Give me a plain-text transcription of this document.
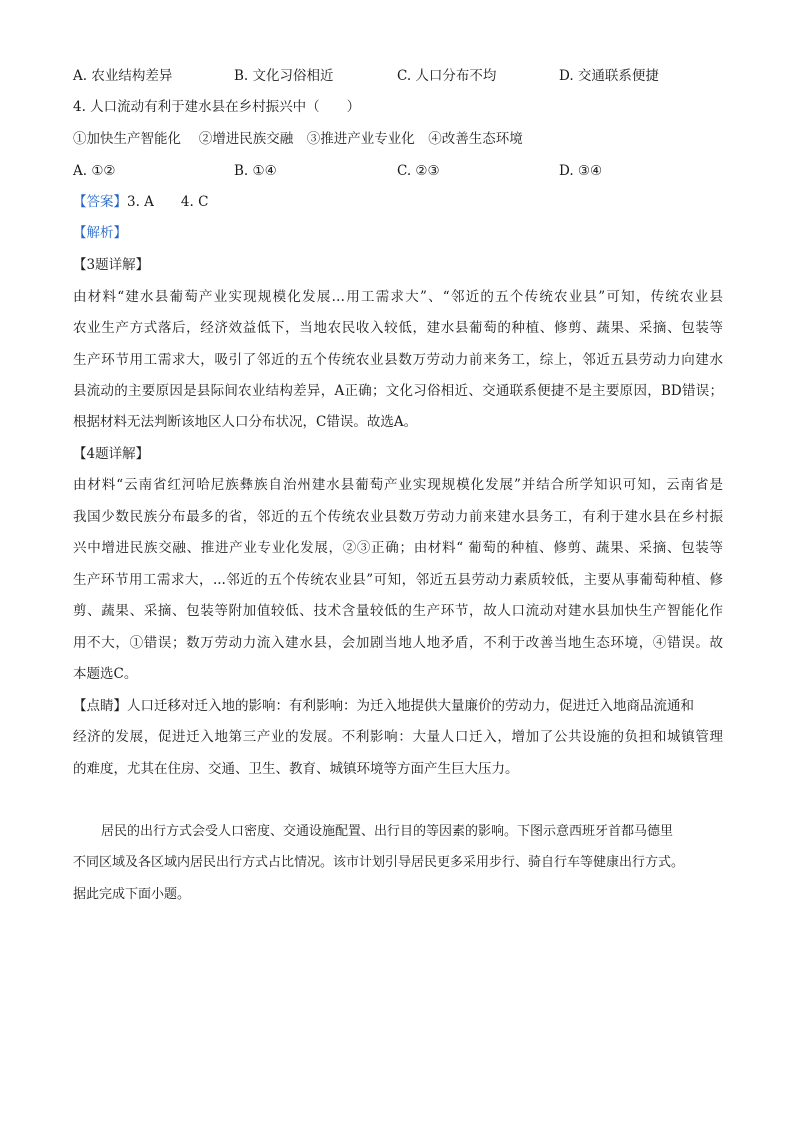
A. 农业结构差异	B. 文化习俗相近	C. 人口分布不均	D. 交通联系便捷
4. 人口流动有利于建水县在乡村振兴中（　　）
①加快生产智能化　 ②增进民族交融　③推进产业专业化　④改善生态环境
A. ①②	B. ①④	C. ②③	D. ③④
【答案】3. A　　4. C
【解析】
【3题详解】
由材料“建水县葡萄产业实现规模化发展…用工需求大”、“邻近的五个传统农业县”可知，传统农业县
农业生产方式落后，经济效益低下，当地农民收入较低，建水县葡萄的种植、修剪、蔬果、采摘、包装等
生产环节用工需求大，吸引了邻近的五个传统农业县数万劳动力前来务工，综上，邻近五县劳动力向建水
县流动的主要原因是县际间农业结构差异，A正确；文化习俗相近、交通联系便捷不是主要原因，BD错误；
根据材料无法判断该地区人口分布状况，C错误。故选A。
【4题详解】
由材料“云南省红河哈尼族彝族自治州建水县葡萄产业实现规模化发展”并结合所学知识可知，云南省是
我国少数民族分布最多的省，邻近的五个传统农业县数万劳动力前来建水县务工，有利于建水县在乡村振
兴中增进民族交融、推进产业专业化发展，②③正确；由材料“ 葡萄的种植、修剪、蔬果、采摘、包装等
生产环节用工需求大，...邻近的五个传统农业县”可知，邻近五县劳动力素质较低，主要从事葡萄种植、修
剪、蔬果、采摘、包装等附加值较低、技术含量较低的生产环节，故人口流动对建水县加快生产智能化作
用不大，①错误；数万劳动力流入建水县，会加剧当地人地矛盾，不利于改善当地生态环境，④错误。故
本题选C。
【点睛】人口迁移对迁入地的影响：有利影响：为迁入地提供大量廉价的劳动力，促进迁入地商品流通和
经济的发展，促进迁入地第三产业的发展。不利影响：大量人口迁入，增加了公共设施的负担和城镇管理
的难度，尤其在住房、交通、卫生、教育、城镇环境等方面产生巨大压力。
居民的出行方式会受人口密度、交通设施配置、出行目的等因素的影响。下图示意西班牙首都马德里
不同区域及各区域内居民出行方式占比情况。该市计划引导居民更多采用步行、骑自行车等健康出行方式。
据此完成下面小题。
